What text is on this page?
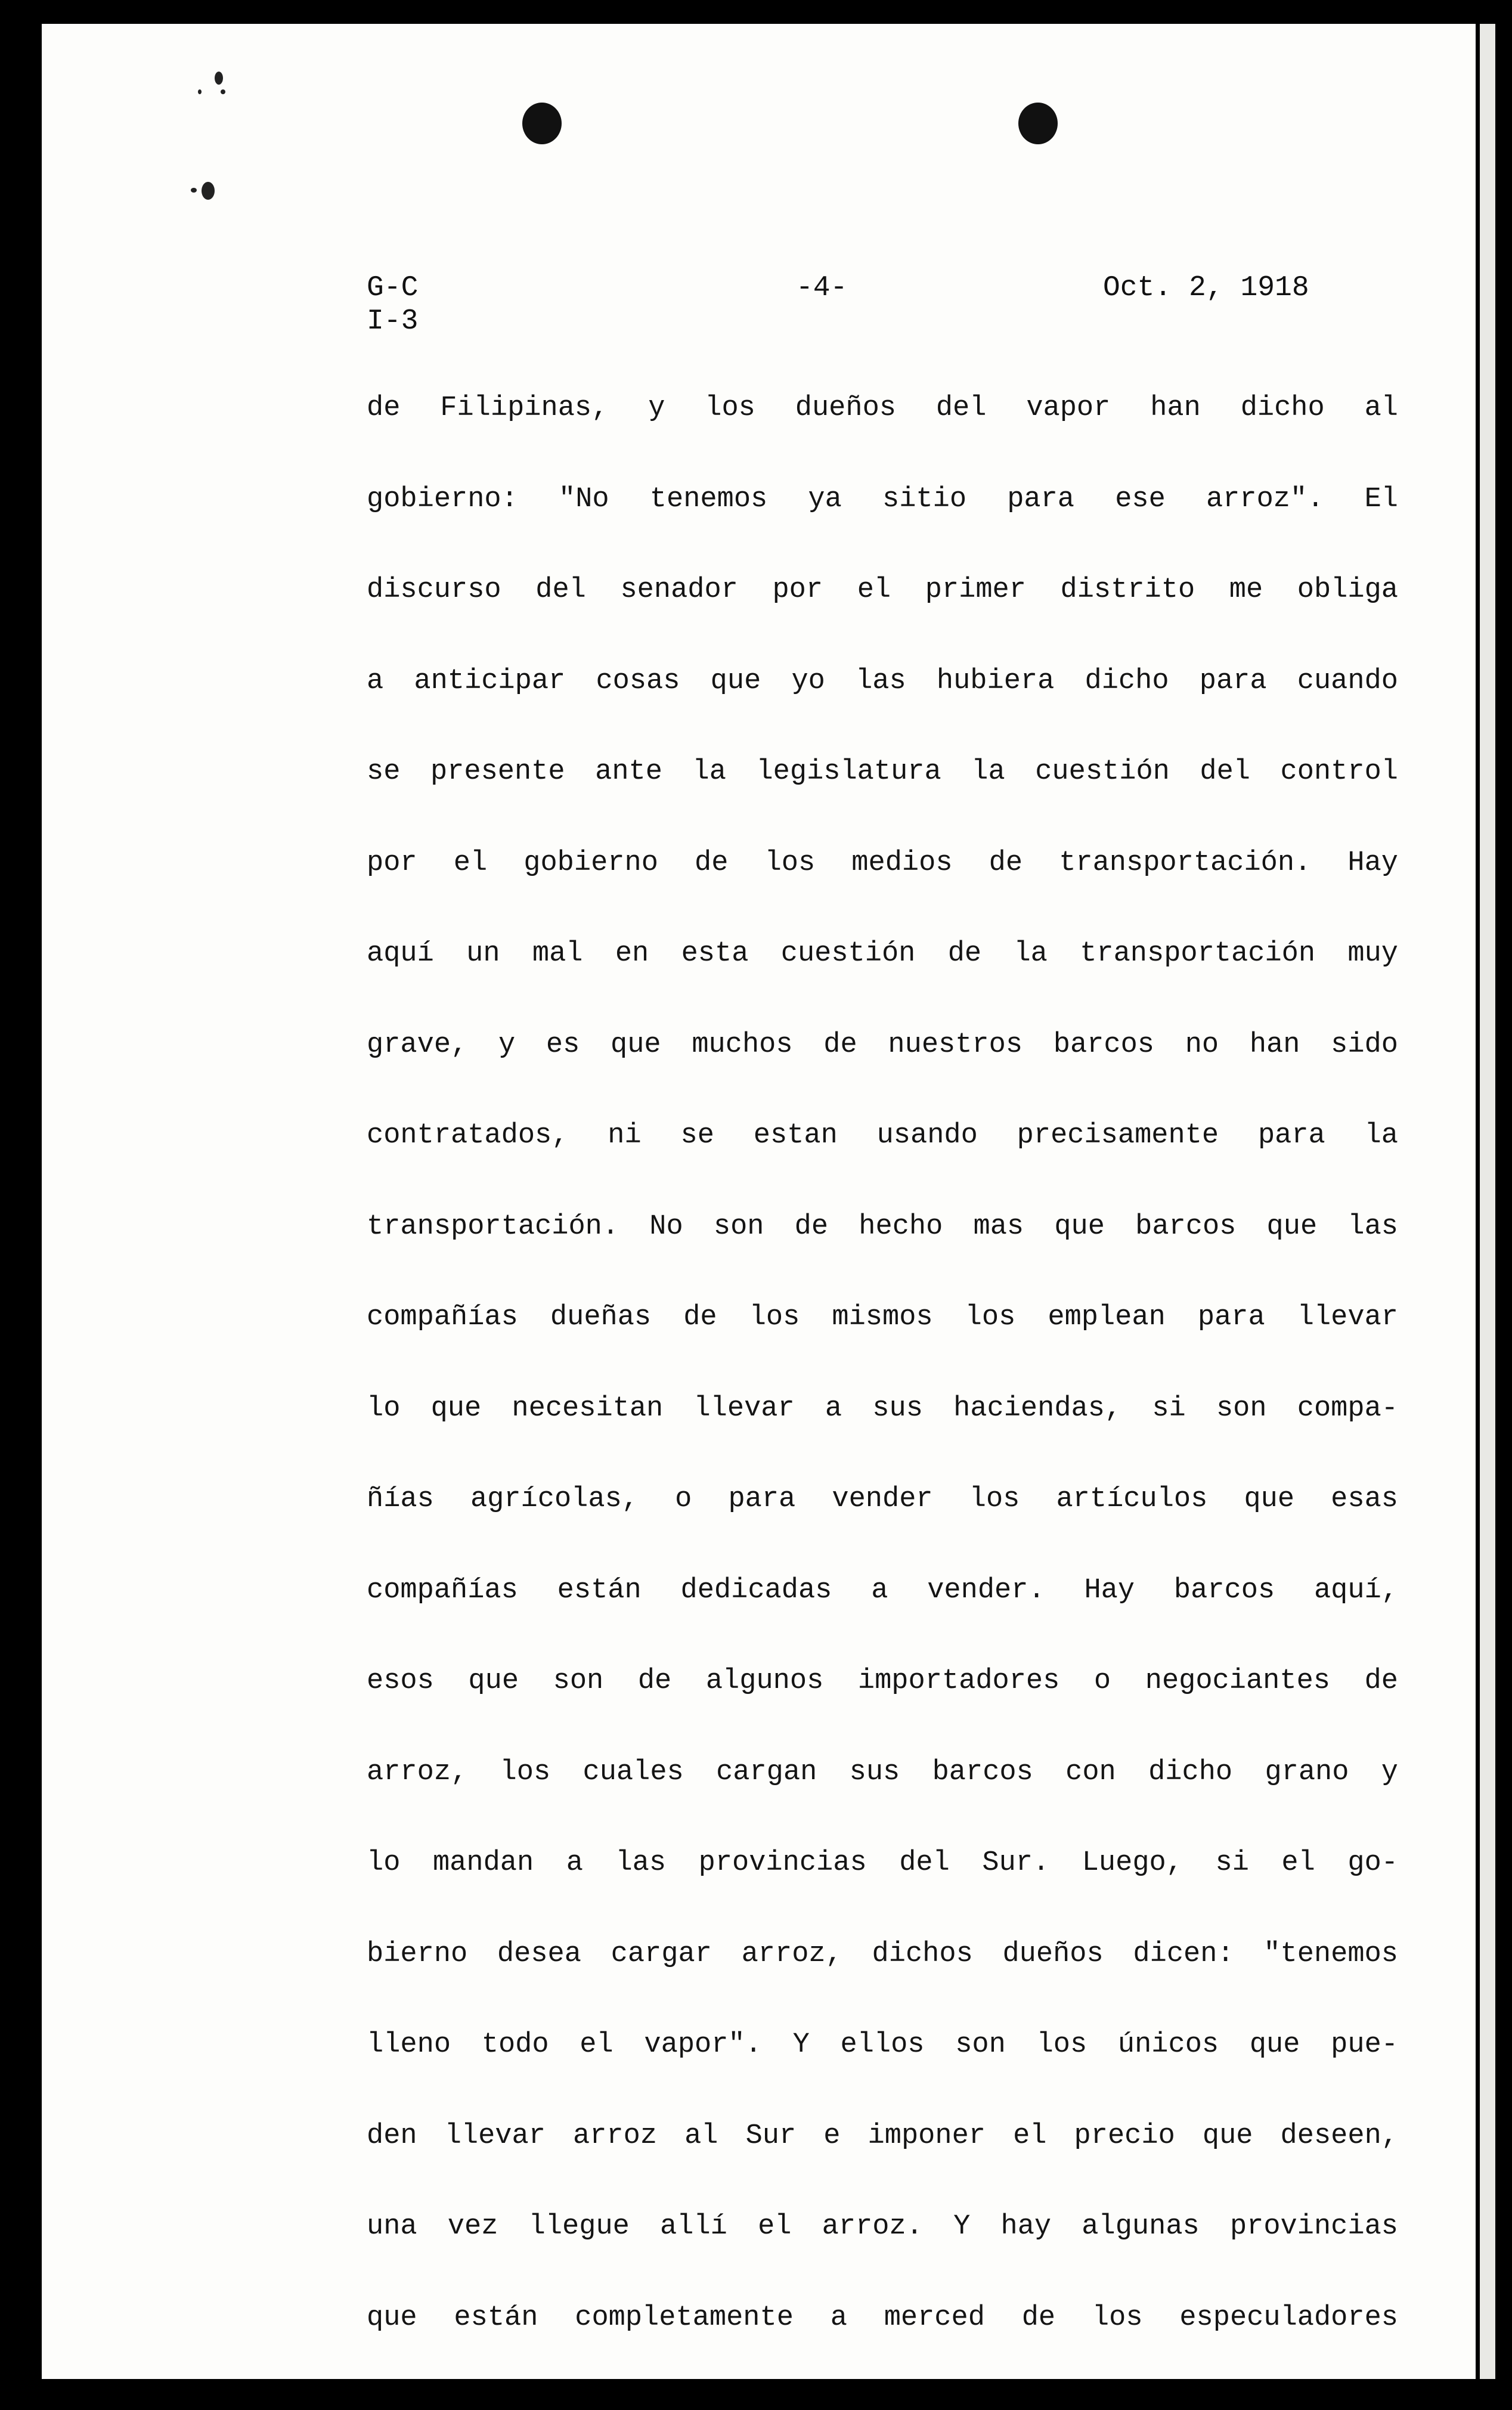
G-C
I-3
-4-	Oct. 2, 1918
de Filipinas, y los dueños del vapor han dicho al
gobierno: "No tenemos ya sitio para ese arroz". El
discurso del senador por el primer distrito me obliga
a anticipar cosas que yo las hubiera dicho para cuando
se presente ante la legislatura la cuestión del control
por el gobierno de los medios de transportación. Hay
aquí un mal en esta cuestión de la transportación muy
grave, y es que muchos de nuestros barcos no han sido
contratados, ni se estan usando precisamente para la
transportación. No son de hecho mas que barcos que las
compañías dueñas de los mismos los emplean para llevar
lo que necesitan llevar a sus haciendas, si son compa-
ñías agrícolas, o para vender los artículos que esas
compañías están dedicadas a vender. Hay barcos aquí,
esos que son de algunos importadores o negociantes de
arroz, los cuales cargan sus barcos con dicho grano y
lo mandan a las provincias del Sur. Luego, si el go-
bierno desea cargar arroz, dichos dueños dicen: "tenemos
lleno todo el vapor". Y ellos son los únicos que pue-
den llevar arroz al Sur e imponer el precio que deseen,
una vez llegue allí el arroz. Y hay algunas provincias
que están completamente a merced de los especuladores
